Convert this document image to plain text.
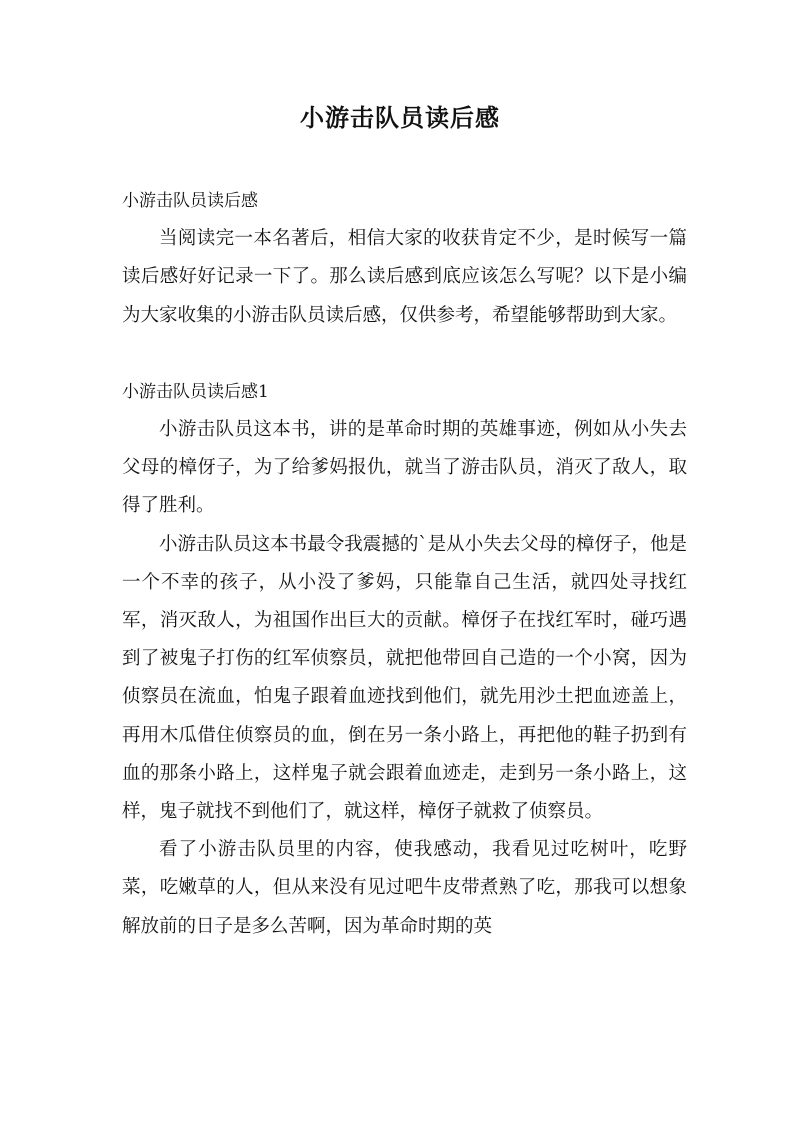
小游击队员读后感

小游击队员读后感

当阅读完一本名著后，相信大家的收获肯定不少，是时候写一篇读后感好好记录一下了。那么读后感到底应该怎么写呢？以下是小编为大家收集的小游击队员读后感，仅供参考，希望能够帮助到大家。

小游击队员读后感1

小游击队员这本书，讲的是革命时期的英雄事迹，例如从小失去父母的樟伢子，为了给爹妈报仇，就当了游击队员，消灭了敌人，取得了胜利。

小游击队员这本书最令我震撼的`是从小失去父母的樟伢子，他是一个不幸的孩子，从小没了爹妈，只能靠自己生活，就四处寻找红军，消灭敌人，为祖国作出巨大的贡献。樟伢子在找红军时，碰巧遇到了被鬼子打伤的红军侦察员，就把他带回自己造的一个小窝，因为侦察员在流血，怕鬼子跟着血迹找到他们，就先用沙土把血迹盖上，再用木瓜借住侦察员的血，倒在另一条小路上，再把他的鞋子扔到有血的那条小路上，这样鬼子就会跟着血迹走，走到另一条小路上，这样，鬼子就找不到他们了，就这样，樟伢子就救了侦察员。

看了小游击队员里的内容，使我感动，我看见过吃树叶，吃野菜，吃嫩草的人，但从来没有见过吧牛皮带煮熟了吃，那我可以想象解放前的日子是多么苦啊，因为革命时期的英
